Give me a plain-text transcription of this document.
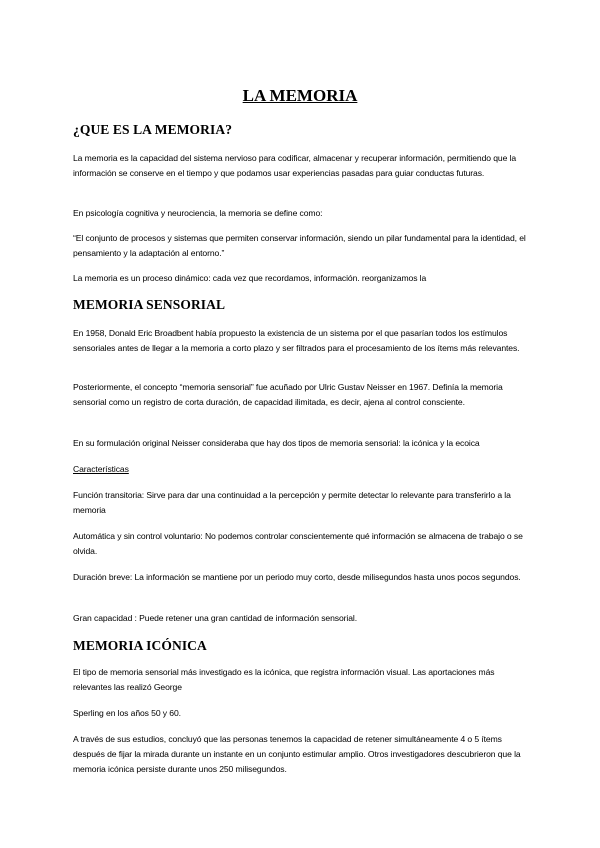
LA MEMORIA
¿QUE ES LA MEMORIA?

La memoria es la capacidad del sistema nervioso para codificar, almacenar y recuperar información, permitiendo que la información se conserve en el tiempo y que podamos usar experiencias pasadas para guiar conductas futuras.

En psicología cognitiva y neurociencia, la memoria se define como:

“El conjunto de procesos y sistemas que permiten conservar información, siendo un pilar fundamental para la identidad, el pensamiento y la adaptación al entorno.”

La memoria es un proceso dinámico: cada vez que recordamos, información. reorganizamos la

MEMORIA SENSORIAL

En 1958, Donald Eric Broadbent había propuesto la existencia de un sistema por el que pasarían todos los estímulos sensoriales antes de llegar a la memoria a corto plazo y ser filtrados para el procesamiento de los ítems más relevantes.

Posteriormente, el concepto “memoria sensorial” fue acuñado por Ulric Gustav Neisser en 1967. Definía la memoria sensorial como un registro de corta duración, de capacidad ilimitada, es decir, ajena al control consciente.

En su formulación original Neisser consideraba que hay dos tipos de memoria sensorial: la icónica y la ecoica

Características

Función transitoria: Sirve para dar una continuidad a la percepción y permite detectar lo relevante para transferirlo a la memoria

Automática y sin control voluntario: No podemos controlar conscientemente qué información se almacena de trabajo o se olvida.

Duración breve: La información se mantiene por un periodo muy corto, desde milisegundos hasta unos pocos segundos.

Gran capacidad : Puede retener una gran cantidad de información sensorial.

MEMORIA ICÓNICA

El tipo de memoria sensorial más investigado es la icónica, que registra información visual. Las aportaciones más relevantes las realizó George

Sperling en los años 50 y 60.

A través de sus estudios, concluyó que las personas tenemos la capacidad de retener simultáneamente 4 o 5 ítems después de fijar la mirada durante un instante en un conjunto estimular amplio. Otros investigadores descubrieron que la memoria icónica persiste durante unos 250 milisegundos.
